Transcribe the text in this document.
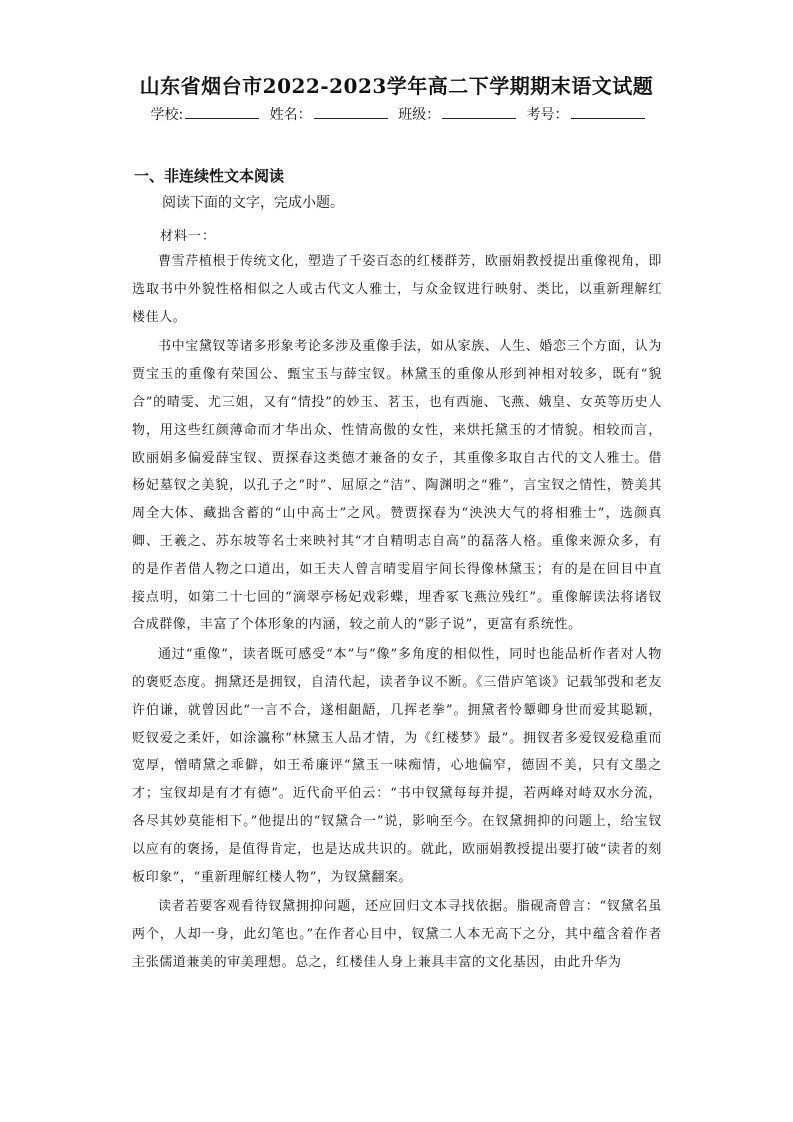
山东省烟台市2022-2023学年高二下学期期末语文试题
学校:	姓名：	班级：	考号：
一、非连续性文本阅读
阅读下面的文字，完成小题。
材料一：

曹雪芹植根于传统文化，塑造了千姿百态的红楼群芳，欧丽娟教授提出重像视角，即选取书中外貌性格相似之人或古代文人雅士，与众金钗进行映射、类比，以重新理解红楼佳人。

书中宝黛钗等诸多形象考论多涉及重像手法，如从家族、人生、婚恋三个方面，认为贾宝玉的重像有荣国公、甄宝玉与薛宝钗。林黛玉的重像从形到神相对较多，既有“貌合”的晴雯、尤三姐，又有“情投”的妙玉、茗玉，也有西施、飞燕、娥皇、女英等历史人物，用这些红颜薄命而才华出众、性情高傲的女性，来烘托黛玉的才情貌。相较而言，欧丽娟多偏爱薛宝钗、贾探春这类德才兼备的女子，其重像多取自古代的文人雅士。借杨妃墓钗之美貌，以孔子之“时”、屈原之“洁”、陶渊明之“雅”，言宝钗之情性，赞美其周全大体、藏拙含蓄的“山中高士”之风。赞贾探春为“泱泱大气的将相雅士”，选颜真卿、王羲之、苏东坡等名士来映衬其“才自精明志自高”的磊落人格。重像来源众多，有的是作者借人物之口道出，如王夫人曾言晴雯眉宇间长得像林黛玉；有的是在回目中直接点明，如第二十七回的“滴翠亭杨妃戏彩蝶，埋香冢飞燕泣残红”。重像解读法将诸钗合成群像，丰富了个体形象的内涵，较之前人的“影子说”，更富有系统性。

通过“重像”，读者既可感受“本”与“像”多角度的相似性，同时也能品析作者对人物的褒贬态度。拥黛还是拥钗，自清代起，读者争议不断。《三借庐笔谈》记载邹弢和老友许伯谦，就曾因此“一言不合，遂相龃龉，几挥老拳”。拥黛者怜颦卿身世而爱其聪颖，贬钗爱之柔奸，如涂瀛称“林黛玉人品才情，为《红楼梦》最”。拥钗者多爱钗爱稳重而宽厚，憎晴黛之乖僻，如王希廉评“黛玉一味痴情，心地偏窄，德固不美，只有文墨之才；宝钗却是有才有德”。近代俞平伯云：“书中钗黛每每并提，若两峰对峙双水分流，各尽其妙莫能相下。”他提出的“钗黛合一”说，影响至今。在钗黛拥抑的问题上，给宝钗以应有的褒扬，是值得肯定，也是达成共识的。就此，欧丽娟教授提出要打破“读者的刻板印象”，“重新理解红楼人物”，为钗黛翻案。

读者若要客观看待钗黛拥抑问题，还应回归文本寻找依据。脂砚斋曾言：“钗黛名虽两个，人却一身，此幻笔也。”在作者心目中，钗黛二人本无高下之分，其中蕴含着作者主张儒道兼美的审美理想。总之，红楼佳人身上兼具丰富的文化基因，由此升华为
